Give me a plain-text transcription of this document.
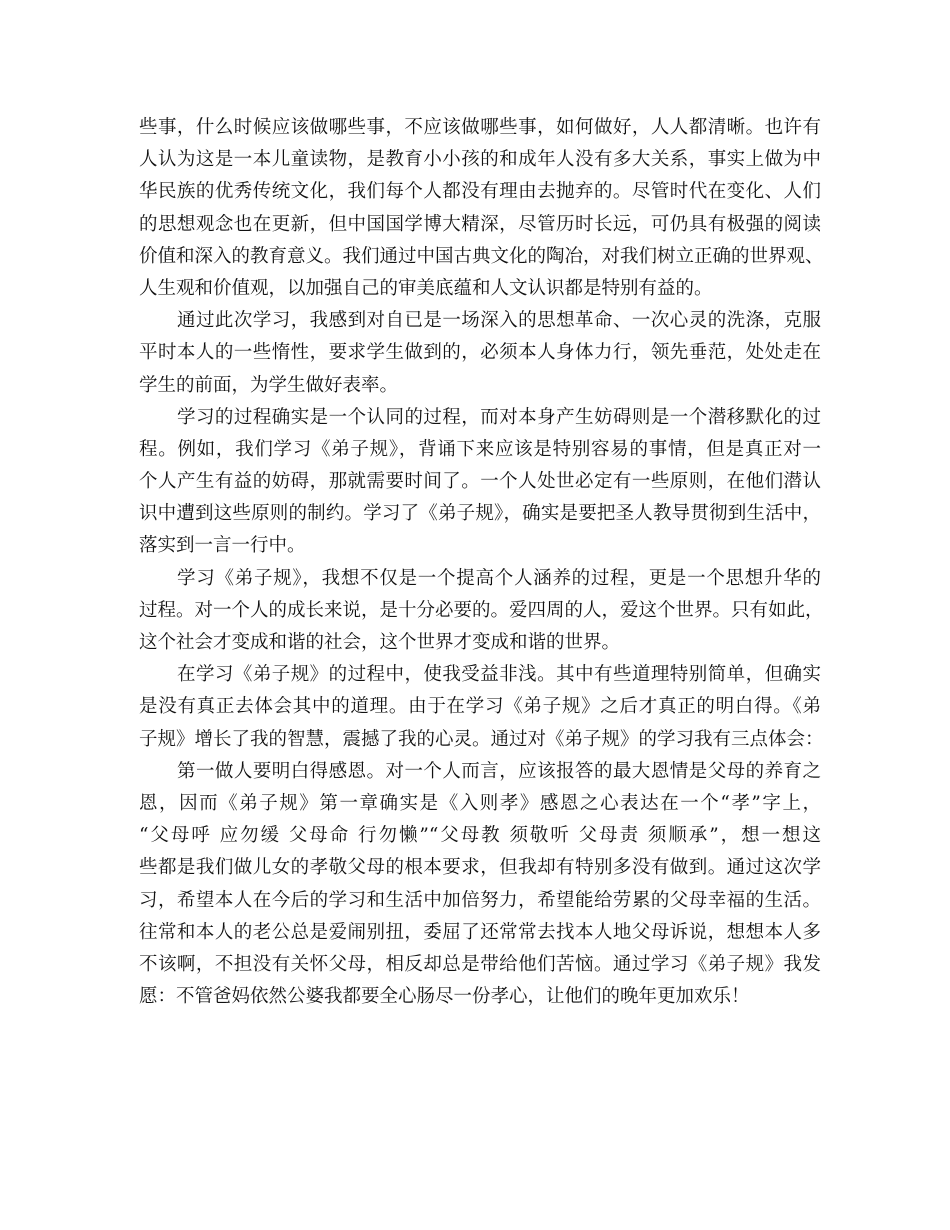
些事，什么时候应该做哪些事，不应该做哪些事，如何做好，人人都清晰。也许有
人认为这是一本儿童读物，是教育小小孩的和成年人没有多大关系，事实上做为中
华民族的优秀传统文化，我们每个人都没有理由去抛弃的。尽管时代在变化、人们
的思想观念也在更新，但中国国学博大精深，尽管历时长远，可仍具有极强的阅读
价值和深入的教育意义。我们通过中国古典文化的陶冶，对我们树立正确的世界观、
人生观和价值观，以加强自己的审美底蕴和人文认识都是特别有益的。
通过此次学习，我感到对自已是一场深入的思想革命、一次心灵的洗涤，克服
平时本人的一些惰性，要求学生做到的，必须本人身体力行，领先垂范，处处走在
学生的前面，为学生做好表率。
学习的过程确实是一个认同的过程，而对本身产生妨碍则是一个潜移默化的过
程。例如，我们学习《弟子规》，背诵下来应该是特别容易的事情，但是真正对一
个人产生有益的妨碍，那就需要时间了。一个人处世必定有一些原则，在他们潜认
识中遭到这些原则的制约。学习了《弟子规》，确实是要把圣人教导贯彻到生活中，
落实到一言一行中。
学习《弟子规》，我想不仅是一个提高个人涵养的过程，更是一个思想升华的
过程。对一个人的成长来说，是十分必要的。爱四周的人，爱这个世界。只有如此，
这个社会才变成和谐的社会，这个世界才变成和谐的世界。
在学习《弟子规》的过程中，使我受益非浅。其中有些道理特别简单，但确实
是没有真正去体会其中的道理。由于在学习《弟子规》之后才真正的明白得。《弟
子规》增长了我的智慧，震撼了我的心灵。通过对《弟子规》的学习我有三点体会：
第一做人要明白得感恩。对一个人而言，应该报答的最大恩情是父母的养育之
恩，因而《弟子规》第一章确实是《入则孝》感恩之心表达在一个“孝”字上，
“父母呼 应勿缓 父母命 行勿懒”“父母教 须敬听 父母责 须顺承”，想一想这
些都是我们做儿女的孝敬父母的根本要求，但我却有特别多没有做到。通过这次学
习，希望本人在今后的学习和生活中加倍努力，希望能给劳累的父母幸福的生活。
往常和本人的老公总是爱闹别扭，委屈了还常常去找本人地父母诉说，想想本人多
不该啊，不担没有关怀父母，相反却总是带给他们苦恼。通过学习《弟子规》我发
愿：不管爸妈依然公婆我都要全心肠尽一份孝心，让他们的晚年更加欢乐！
